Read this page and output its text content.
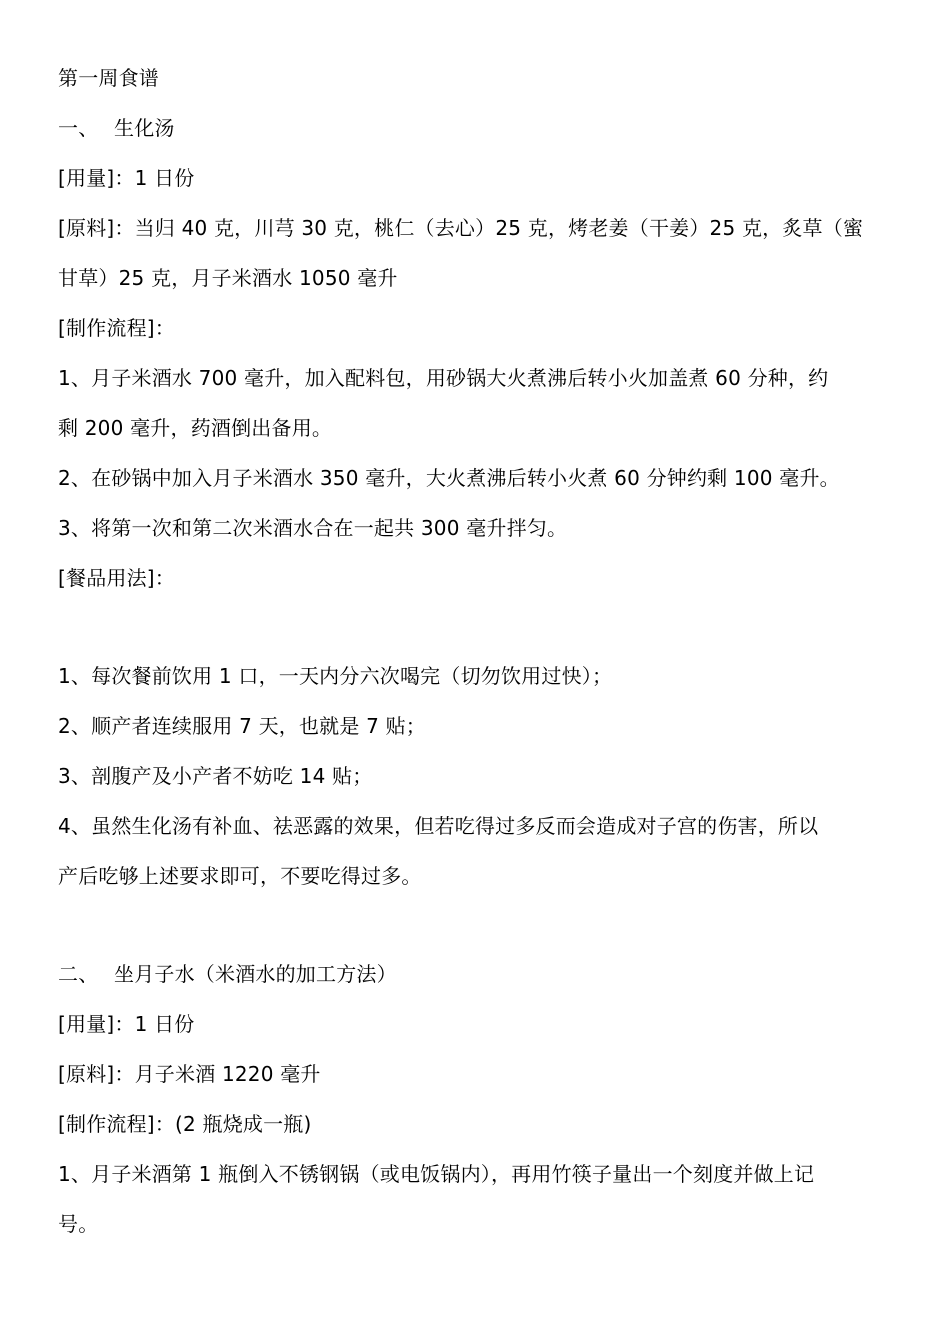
第一周食谱
一、 生化汤
[用量]：1 日份
[原料]：当归 40 克，川芎 30 克，桃仁（去心）25 克，烤老姜（干姜）25 克，炙草（蜜
甘草）25 克，月子米酒水 1050 毫升
[制作流程]：
1、月子米酒水 700 毫升，加入配料包，用砂锅大火煮沸后转小火加盖煮 60 分种，约
剩 200 毫升，药酒倒出备用。
2、在砂锅中加入月子米酒水 350 毫升，大火煮沸后转小火煮 60 分钟约剩 100 毫升。
3、将第一次和第二次米酒水合在一起共 300 毫升拌匀。
[餐品用法]：
1、每次餐前饮用 1 口，一天内分六次喝完（切勿饮用过快）；
2、顺产者连续服用 7 天，也就是 7 贴；
3、剖腹产及小产者不妨吃 14 贴；
4、虽然生化汤有补血、祛恶露的效果，但若吃得过多反而会造成对子宫的伤害，所以
产后吃够上述要求即可，不要吃得过多。
二、 坐月子水（米酒水的加工方法）
[用量]：1 日份
[原料]：月子米酒 1220 毫升
[制作流程]：(2 瓶烧成一瓶)
1、月子米酒第 1 瓶倒入不锈钢锅（或电饭锅内），再用竹筷子量出一个刻度并做上记
号。
